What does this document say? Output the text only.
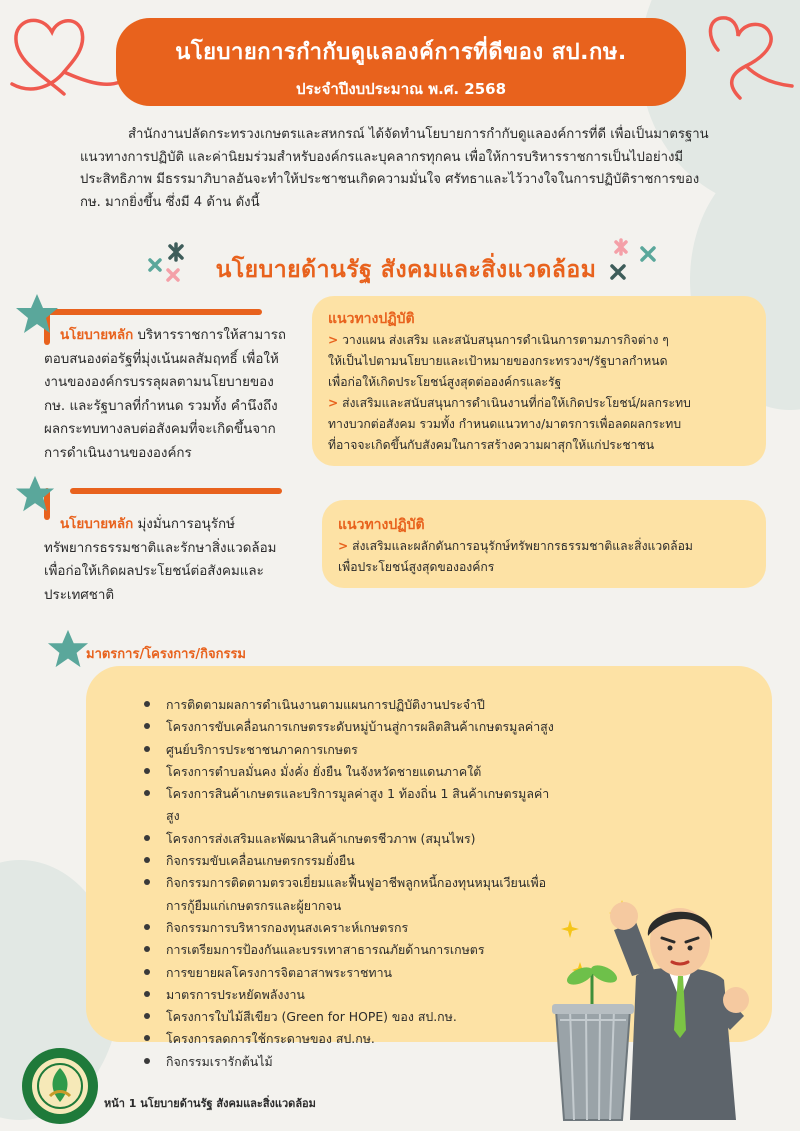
นโยบายการกำกับดูแลองค์การที่ดีของ สป.กษ.
ประจำปีงบประมาณ พ.ศ. 2568
สำนักงานปลัดกระทรวงเกษตรและสหกรณ์ ได้จัดทำนโยบายการกำกับดูแลองค์การที่ดี เพื่อเป็นมาตรฐาน แนวทางการปฏิบัติ และค่านิยมร่วมสำหรับองค์กรและบุคลากรทุกคน เพื่อให้การบริหารราชการเป็นไปอย่างมีประสิทธิภาพ มีธรรมาภิบาลอันจะทำให้ประชาชนเกิดความมั่นใจ ศรัทธาและไว้วางใจในการปฏิบัติราชการของ กษ. มากยิ่งขึ้น ซึ่งมี 4 ด้าน ดังนี้
นโยบายด้านรัฐ สังคมและสิ่งแวดล้อม
นโยบายหลัก บริหารราชการให้สามารถตอบสนองต่อรัฐที่มุ่งเน้นผลสัมฤทธิ์ เพื่อให้งานขององค์กรบรรลุผลตามนโยบายของ กษ. และรัฐบาลที่กำหนด รวมทั้ง คำนึงถึงผลกระทบทางลบต่อสังคมที่จะเกิดขึ้นจากการดำเนินงานขององค์กร
นโยบายหลัก มุ่งมั่นการอนุรักษ์ทรัพยากรธรรมชาติและรักษาสิ่งแวดล้อมเพื่อก่อให้เกิดผลประโยชน์ต่อสังคมและประเทศชาติ
แนวทางปฏิบัติ
> วางแผน ส่งเสริม และสนับสนุนการดำเนินการตามภารกิจต่าง ๆ
ให้เป็นไปตามนโยบายและเป้าหมายของกระทรวงฯ/รัฐบาลกำหนด
เพื่อก่อให้เกิดประโยชน์สูงสุดต่อองค์กรและรัฐ
> ส่งเสริมและสนับสนุนการดำเนินงานที่ก่อให้เกิดประโยชน์/ผลกระทบ
ทางบวกต่อสังคม รวมทั้ง กำหนดแนวทาง/มาตรการเพื่อลดผลกระทบ
ที่อาจจะเกิดขึ้นกับสังคมในการสร้างความผาสุกให้แก่ประชาชน
แนวทางปฏิบัติ
> ส่งเสริมและผลักดันการอนุรักษ์ทรัพยากรธรรมชาติและสิ่งแวดล้อม
เพื่อประโยชน์สูงสุดขององค์กร
มาตรการ/โครงการ/กิจกรรม
การติดตามผลการดำเนินงานตามแผนการปฏิบัติงานประจำปี
โครงการขับเคลื่อนการเกษตรระดับหมู่บ้านสู่การผลิตสินค้าเกษตรมูลค่าสูง
ศูนย์บริการประชาชนภาคการเกษตร
โครงการตำบลมั่นคง มั่งคั่ง ยั่งยืน ในจังหวัดชายแดนภาคใต้
โครงการสินค้าเกษตรและบริการมูลค่าสูง 1 ท้องถิ่น 1 สินค้าเกษตรมูลค่าสูง
โครงการส่งเสริมและพัฒนาสินค้าเกษตรชีวภาพ (สมุนไพร)
กิจกรรมขับเคลื่อนเกษตรกรรมยั่งยืน
กิจกรรมการติดตามตรวจเยี่ยมและฟื้นฟูอาชีพลูกหนี้กองทุนหมุนเวียนเพื่อการกู้ยืมแก่เกษตรกรและผู้ยากจน
กิจกรรมการบริหารกองทุนสงเคราะห์เกษตรกร
การเตรียมการป้องกันและบรรเทาสาธารณภัยด้านการเกษตร
การขยายผลโครงการจิตอาสาพระราชทาน
มาตรการประหยัดพลังงาน
โครงการใบไม้สีเขียว (Green for HOPE) ของ สป.กษ.
โครงการลดการใช้กระดาษของ สป.กษ.
กิจกรรมเรารักต้นไม้
หน้า 1 นโยบายด้านรัฐ สังคมและสิ่งแวดล้อม
